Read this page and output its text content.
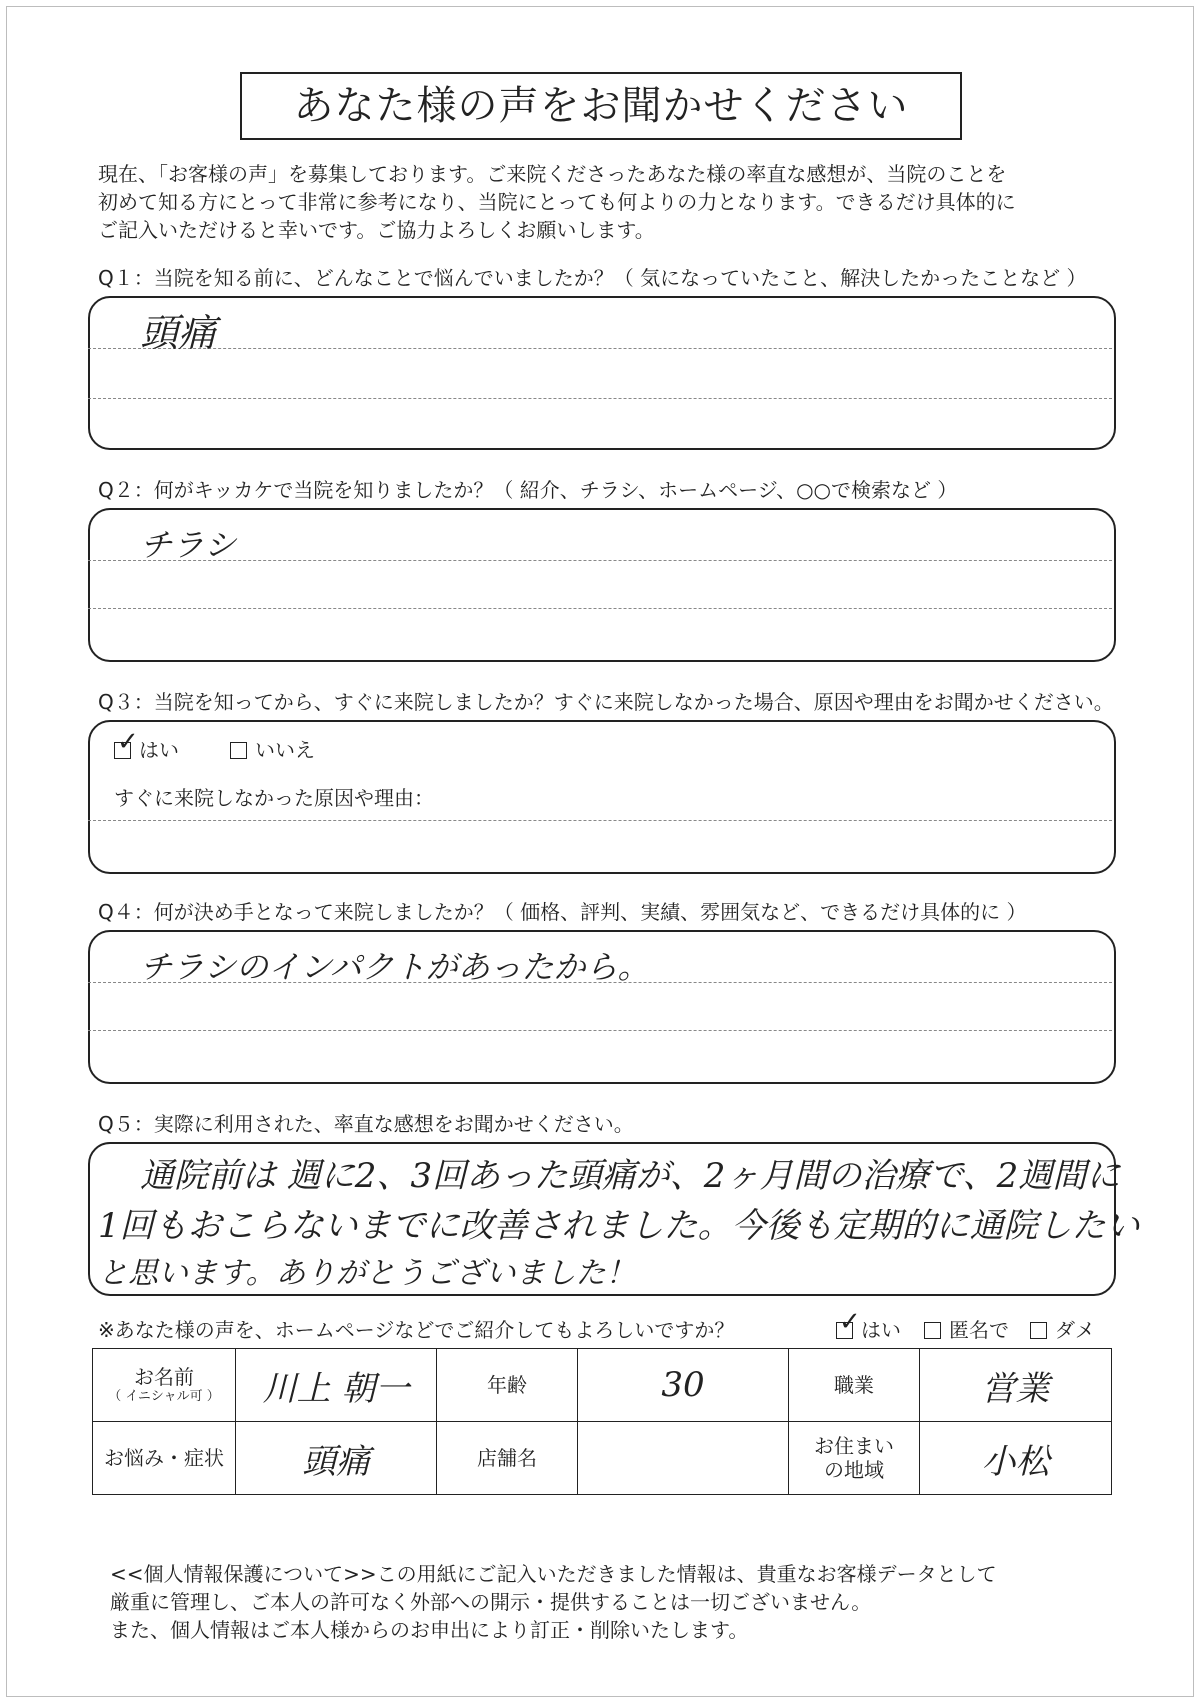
あなた様の声をお聞かせください
現在、「お客様の声」を募集しております。ご来院くださったあなた様の率直な感想が、当院のことを
初めて知る方にとって非常に参考になり、当院にとっても何よりの力となります。できるだけ具体的に
ご記入いただけると幸いです。ご協力よろしくお願いします。
Q１：当院を知る前に、どんなことで悩んでいましたか？（ 気になっていたこと、解決したかったことなど ）
頭痛
Q２：何がキッカケで当院を知りましたか？（ 紹介、チラシ、ホームページ、○○で検索など ）
チラシ
Q３：当院を知ってから、すぐに来院しましたか？すぐに来院しなかった場合、原因や理由をお聞かせください。
✓ はい	いいえ
すぐに来院しなかった原因や理由：
Q４：何が決め手となって来院しましたか？（ 価格、評判、実績、雰囲気など、できるだけ具体的に ）
チラシのインパクトがあったから。
Q５：実際に利用された、率直な感想をお聞かせください。
通院前は 週に2、3回あった頭痛が、2ヶ月間の治療で、2週間に
1回もおこらないまでに改善されました。今後も定期的に通院したい
と思います。ありがとうございました！
※あなた様の声を、ホームページなどでご紹介してもよろしいですか？	✓ はい	匿名で	ダメ
お名前
（ イニシャル可 ）	川上 朝一	年齢	30	職業	営業
お悩み・症状	頭痛	店舗名		お住まい
の地域	小松
<<個人情報保護について>>この用紙にご記入いただきました情報は、貴重なお客様データとして
厳重に管理し、ご本人の許可なく外部への開示・提供することは一切ございません。
また、個人情報はご本人様からのお申出により訂正・削除いたします。
